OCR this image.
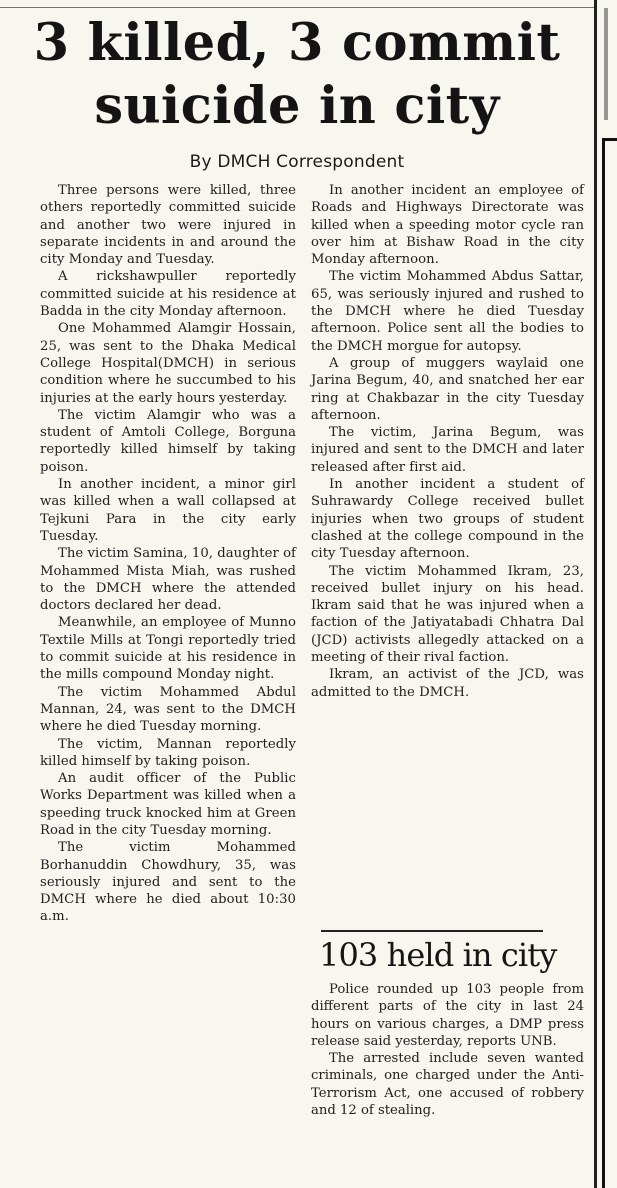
3 killed, 3 commit suicide in city
By DMCH Correspondent

Three persons were killed, three others reportedly committed suicide and another two were injured in separate incidents in and around the city Monday and Tuesday.

A rickshawpuller reportedly committed suicide at his residence at Badda in the city Monday afternoon.

One Mohammed Alamgir Hossain, 25, was sent to the Dhaka Medical College Hospital(DMCH) in serious condition where he succumbed to his injuries at the early hours yesterday.

The victim Alamgir who was a student of Amtoli College, Borguna reportedly killed himself by taking poison.

In another incident, a minor girl was killed when a wall collapsed at Tejkuni Para in the city early Tuesday.

The victim Samina, 10, daughter of Mohammed Mista Miah, was rushed to the DMCH where the attended doctors declared her dead.

Meanwhile, an employee of Munno Textile Mills at Tongi reportedly tried to commit suicide at his residence in the mills compound Monday night.

The victim Mohammed Abdul Mannan, 24, was sent to the DMCH where he died Tuesday morning.

The victim, Mannan reportedly killed himself by taking poison.

An audit officer of the Public Works Department was killed when a speeding truck knocked him at Green Road in the city Tuesday morning.

The victim Mohammed Borhanuddin Chowdhury, 35, was seriously injured and sent to the DMCH where he died about 10:30 a.m.

In another incident an employee of Roads and Highways Directorate was killed when a speeding motor cycle ran over him at Bishaw Road in the city Monday afternoon.

The victim Mohammed Abdus Sattar, 65, was seriously injured and rushed to the DMCH where he died Tuesday afternoon. Police sent all the bodies to the DMCH morgue for autopsy.

A group of muggers waylaid one Jarina Begum, 40, and snatched her ear ring at Chakbazar in the city Tuesday afternoon.

The victim, Jarina Begum, was injured and sent to the DMCH and later released after first aid.

In another incident a student of Suhrawardy College received bullet injuries when two groups of student clashed at the college compound in the city Tuesday afternoon.

The victim Mohammed Ikram, 23, received bullet injury on his head. Ikram said that he was injured when a faction of the Jatiyatabadi Chhatra Dal (JCD) activists allegedly attacked on a meeting of their rival faction.

Ikram, an activist of the JCD, was admitted to the DMCH.

103 held in city

Police rounded up 103 people from different parts of the city in last 24 hours on various charges, a DMP press release said yesterday, reports UNB.

The arrested include seven wanted criminals, one charged under the Anti-Terrorism Act, one accused of robbery and 12 of stealing.
